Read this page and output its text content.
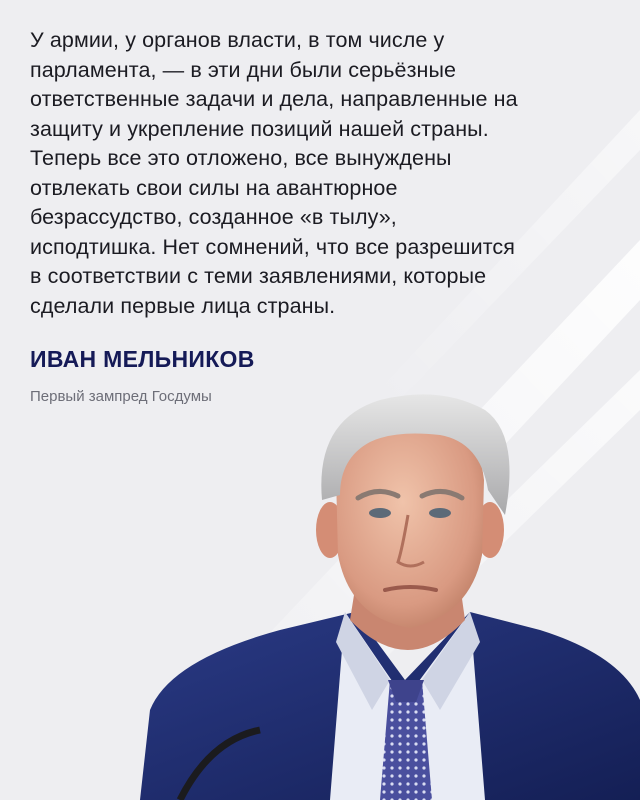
У армии, у органов власти, в том числе у
парламента, — в эти дни были серьёзные
ответственные задачи и дела, направленные на
защиту и укрепление позиций нашей страны.
Теперь все это отложено, все вынуждены
отвлекать свои силы на авантюрное
безрассудство, созданное «в тылу»,
исподтишка. Нет сомнений, что все разрешится
в соответствии с теми заявлениями, которые
сделали первые лица страны.
ИВАН МЕЛЬНИКОВ

Первый зампред Госдумы
